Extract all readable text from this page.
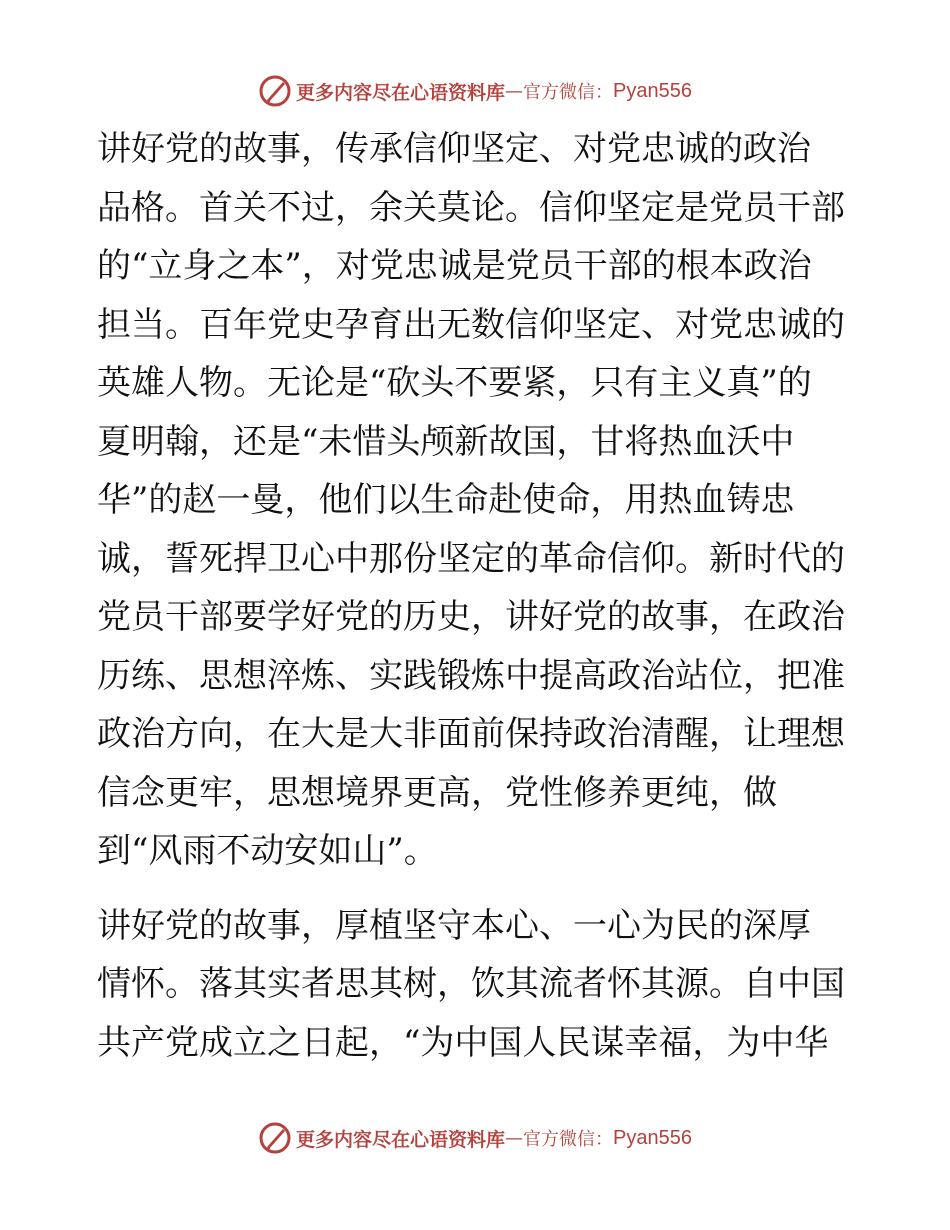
更多内容尽在心语资料库 — 官方微信： Pyan556

讲好党的故事，传承信仰坚定、对党忠诚的政治
品格。首关不过，余关莫论。信仰坚定是党员干部
的“立身之本”，对党忠诚是党员干部的根本政治
担当。百年党史孕育出无数信仰坚定、对党忠诚的
英雄人物。无论是“砍头不要紧，只有主义真”的
夏明翰，还是“未惜头颅新故国，甘将热血沃中
华”的赵一曼，他们以生命赴使命，用热血铸忠
诚，誓死捍卫心中那份坚定的革命信仰。新时代的
党员干部要学好党的历史，讲好党的故事，在政治
历练、思想淬炼、实践锻炼中提高政治站位，把准
政治方向，在大是大非面前保持政治清醒，让理想
信念更牢，思想境界更高，党性修养更纯，做
到“风雨不动安如山”。

讲好党的故事，厚植坚守本心、一心为民的深厚
情怀。落其实者思其树，饮其流者怀其源。自中国
共产党成立之日起，“为中国人民谋幸福，为中华

更多内容尽在心语资料库 — 官方微信： Pyan556
